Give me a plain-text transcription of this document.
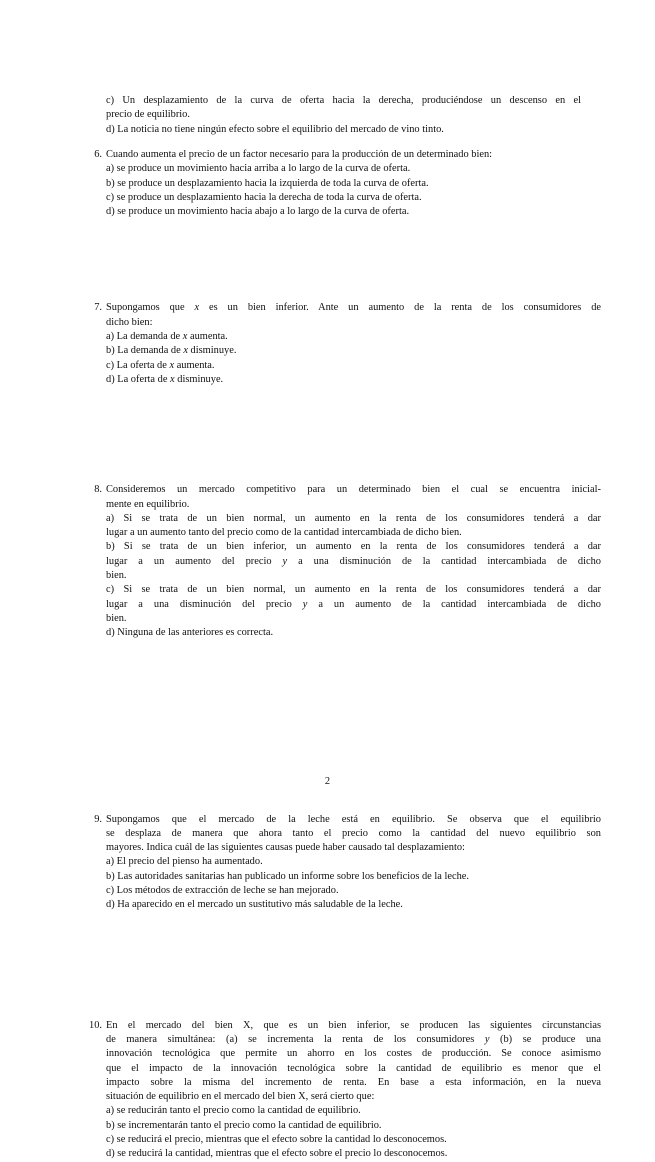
c) Un desplazamiento de la curva de oferta hacia la derecha, produciéndose un descenso en el
precio de equilibrio.
d) La noticia no tiene ningún efecto sobre el equilibrio del mercado de vino tinto.
6. Cuando aumenta el precio de un factor necesario para la producción de un determinado bien:
a) se produce un movimiento hacia arriba a lo largo de la curva de oferta.
b) se produce un desplazamiento hacia la izquierda de toda la curva de oferta.
c) se produce un desplazamiento hacia la derecha de toda la curva de oferta.
d) se produce un movimiento hacia abajo a lo largo de la curva de oferta.
7. Supongamos que x es un bien inferior. Ante un aumento de la renta de los consumidores de
dicho bien:
a) La demanda de x aumenta.
b) La demanda de x disminuye.
c) La oferta de x aumenta.
d) La oferta de x disminuye.
8. Consideremos un mercado competitivo para un determinado bien el cual se encuentra inicial-
mente en equilibrio.
a) Si se trata de un bien normal, un aumento en la renta de los consumidores tenderá a dar
lugar a un aumento tanto del precio como de la cantidad intercambiada de dicho bien.
b) Si se trata de un bien inferior, un aumento en la renta de los consumidores tenderá a dar
lugar a un aumento del precio y a una disminución de la cantidad intercambiada de dicho
bien.
c) Si se trata de un bien normal, un aumento en la renta de los consumidores tenderá a dar
lugar a una disminución del precio y a un aumento de la cantidad intercambiada de dicho
bien.
d) Ninguna de las anteriores es correcta.
9. Supongamos que el mercado de la leche está en equilibrio. Se observa que el equilibrio
se desplaza de manera que ahora tanto el precio como la cantidad del nuevo equilibrio son
mayores. Indica cuál de las siguientes causas puede haber causado tal desplazamiento:
a) El precio del pienso ha aumentado.
b) Las autoridades sanitarias han publicado un informe sobre los beneficios de la leche.
c) Los métodos de extracción de leche se han mejorado.
d) Ha aparecido en el mercado un sustitutivo más saludable de la leche.
10. En el mercado del bien X, que es un bien inferior, se producen las siguientes circunstancias
de manera simultánea: (a) se incrementa la renta de los consumidores y (b) se produce una
innovación tecnológica que permite un ahorro en los costes de producción. Se conoce asimismo
que el impacto de la innovación tecnológica sobre la cantidad de equilibrio es menor que el
impacto sobre la misma del incremento de renta. En base a esta información, en la nueva
situación de equilibrio en el mercado del bien X, será cierto que:
a) se reducirán tanto el precio como la cantidad de equilibrio.
b) se incrementarán tanto el precio como la cantidad de equilibrio.
c) se reducirá el precio, mientras que el efecto sobre la cantidad lo desconocemos.
d) se reducirá la cantidad, mientras que el efecto sobre el precio lo desconocemos.
2
